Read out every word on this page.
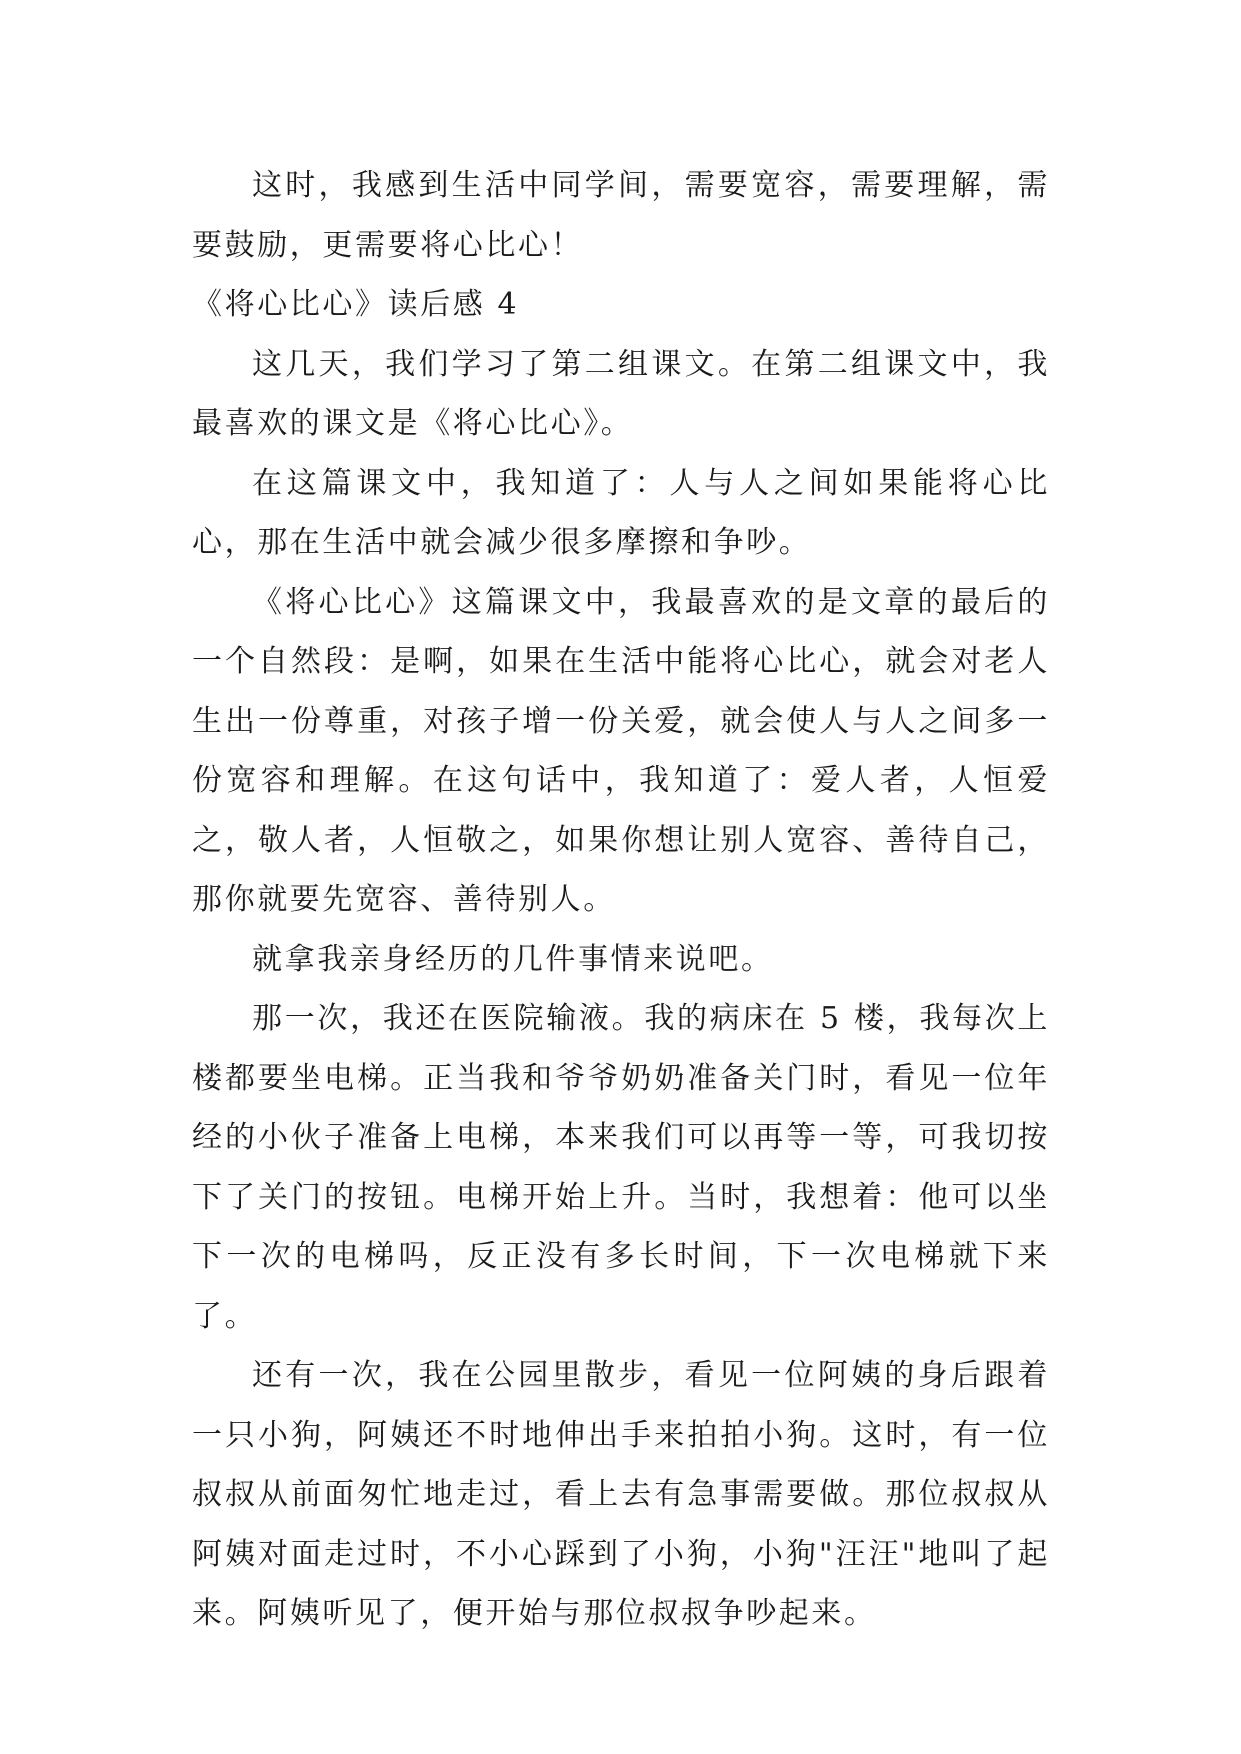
这时，我感到生活中同学间，需要宽容，需要理解，需要鼓励，更需要将心比心！

《将心比心》读后感 4

这几天，我们学习了第二组课文。在第二组课文中，我最喜欢的课文是《将心比心》。

在这篇课文中，我知道了：人与人之间如果能将心比心，那在生活中就会减少很多摩擦和争吵。

《将心比心》这篇课文中，我最喜欢的是文章的最后的一个自然段：是啊，如果在生活中能将心比心，就会对老人生出一份尊重，对孩子增一份关爱，就会使人与人之间多一份宽容和理解。在这句话中，我知道了：爱人者，人恒爱之，敬人者，人恒敬之，如果你想让别人宽容、善待自己，那你就要先宽容、善待别人。

就拿我亲身经历的几件事情来说吧。

那一次，我还在医院输液。我的病床在 5 楼，我每次上楼都要坐电梯。正当我和爷爷奶奶准备关门时，看见一位年经的小伙子准备上电梯，本来我们可以再等一等，可我切按下了关门的按钮。电梯开始上升。当时，我想着：他可以坐下一次的电梯吗，反正没有多长时间，下一次电梯就下来了。

还有一次，我在公园里散步，看见一位阿姨的身后跟着一只小狗，阿姨还不时地伸出手来拍拍小狗。这时，有一位叔叔从前面匆忙地走过，看上去有急事需要做。那位叔叔从阿姨对面走过时，不小心踩到了小狗，小狗"汪汪"地叫了起来。阿姨听见了，便开始与那位叔叔争吵起来。
